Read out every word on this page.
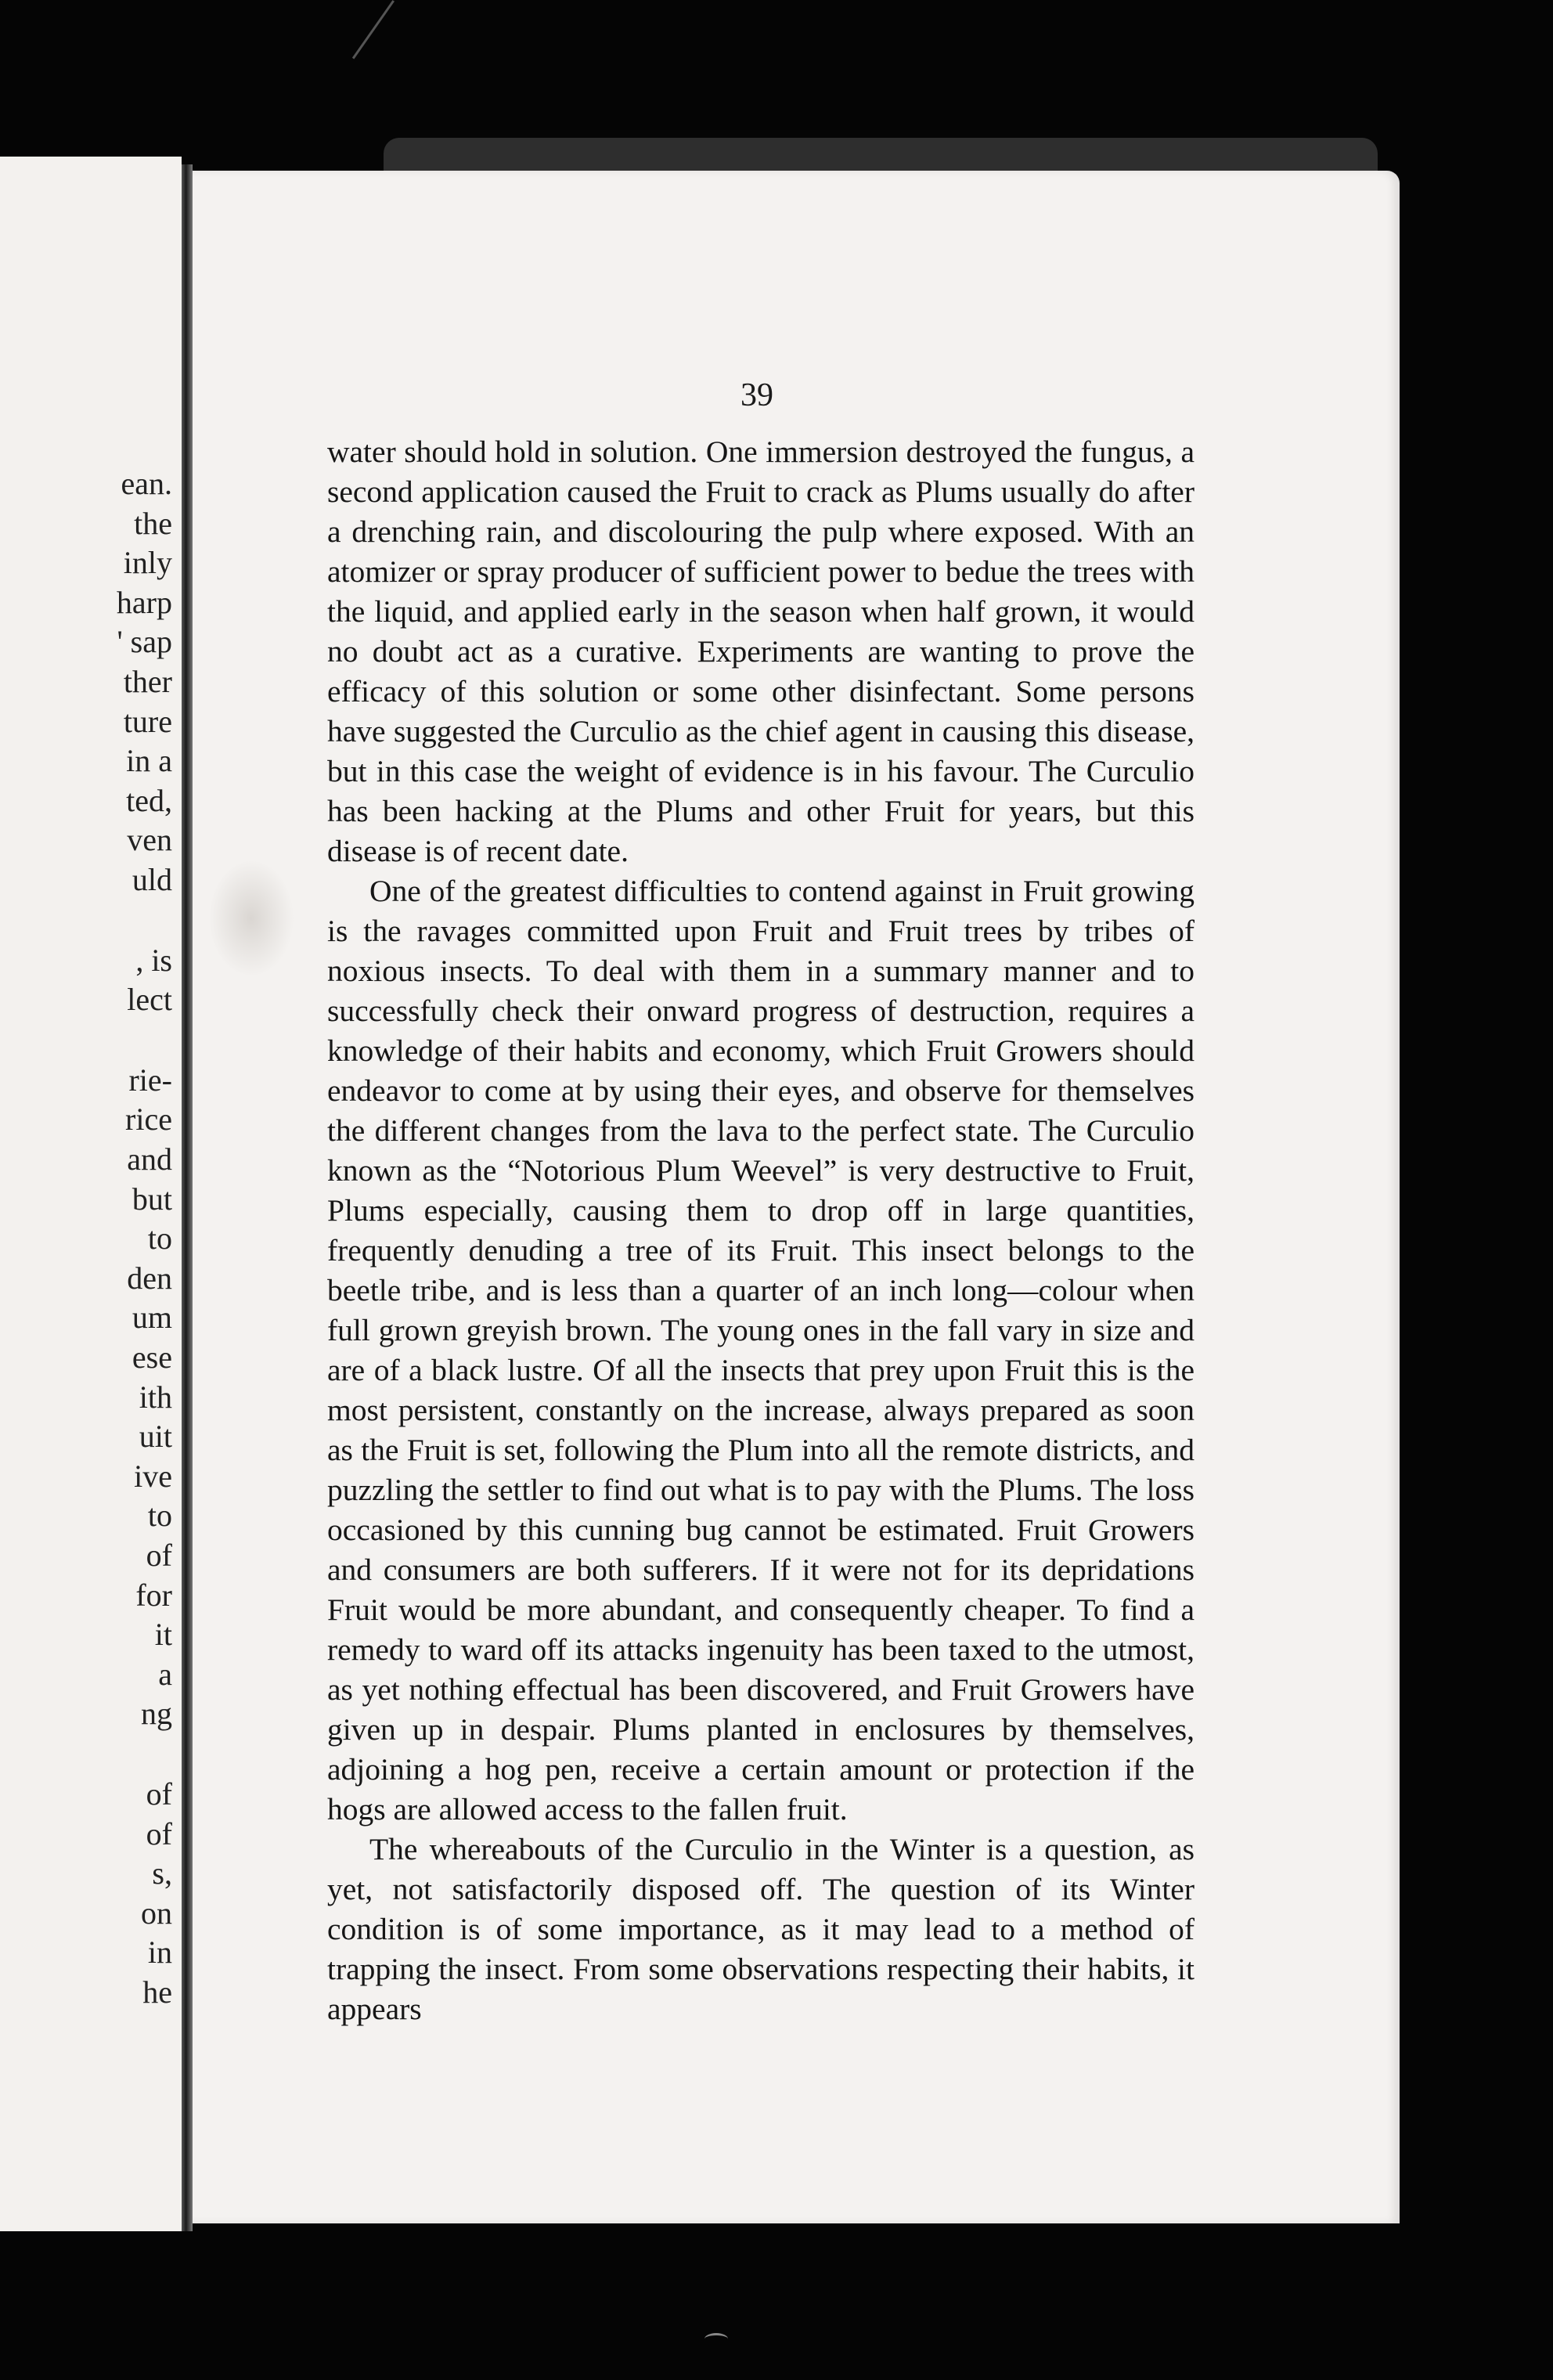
ean.
the
inly
harp
' sap
ther
ture
in a
ted,
ven
uld
, is
lect
rie-
rice
and
but
to
den
um
ese
ith
uit
ive
to
of
for
it
a
ng
of
of
s,
on
in
he
39

water should hold in solution. One immersion destroyed the fungus, a second application caused the Fruit to crack as Plums usually do after a drenching rain, and discolouring the pulp where exposed. With an atomizer or spray producer of sufficient power to bedue the trees with the liquid, and applied early in the season when half grown, it would no doubt act as a curative. Experiments are wanting to prove the efficacy of this solution or some other disinfectant. Some persons have suggested the Curculio as the chief agent in causing this disease, but in this case the weight of evidence is in his favour. The Curculio has been hacking at the Plums and other Fruit for years, but this disease is of recent date.

One of the greatest difficulties to contend against in Fruit growing is the ravages committed upon Fruit and Fruit trees by tribes of noxious insects. To deal with them in a summary manner and to successfully check their onward progress of destruction, requires a knowledge of their habits and economy, which Fruit Growers should endeavor to come at by using their eyes, and observe for themselves the different changes from the lava to the perfect state. The Curculio known as the “Notorious Plum Weevel” is very destructive to Fruit, Plums especially, causing them to drop off in large quantities, frequently denuding a tree of its Fruit. This insect belongs to the beetle tribe, and is less than a quarter of an inch long—colour when full grown greyish brown. The young ones in the fall vary in size and are of a black lustre. Of all the insects that prey upon Fruit this is the most persistent, constantly on the increase, always prepared as soon as the Fruit is set, following the Plum into all the remote districts, and puzzling the settler to find out what is to pay with the Plums. The loss occasioned by this cunning bug cannot be estimated. Fruit Growers and consumers are both sufferers. If it were not for its depridations Fruit would be more abundant, and consequently cheaper. To find a remedy to ward off its attacks ingenuity has been taxed to the utmost, as yet nothing effectual has been discovered, and Fruit Growers have given up in despair. Plums planted in enclosures by themselves, adjoining a hog pen, receive a certain amount or protection if the hogs are allowed access to the fallen fruit.

The whereabouts of the Curculio in the Winter is a question, as yet, not satisfactorily disposed off. The question of its Winter condition is of some importance, as it may lead to a method of trapping the insect. From some observations respecting their habits, it appears
